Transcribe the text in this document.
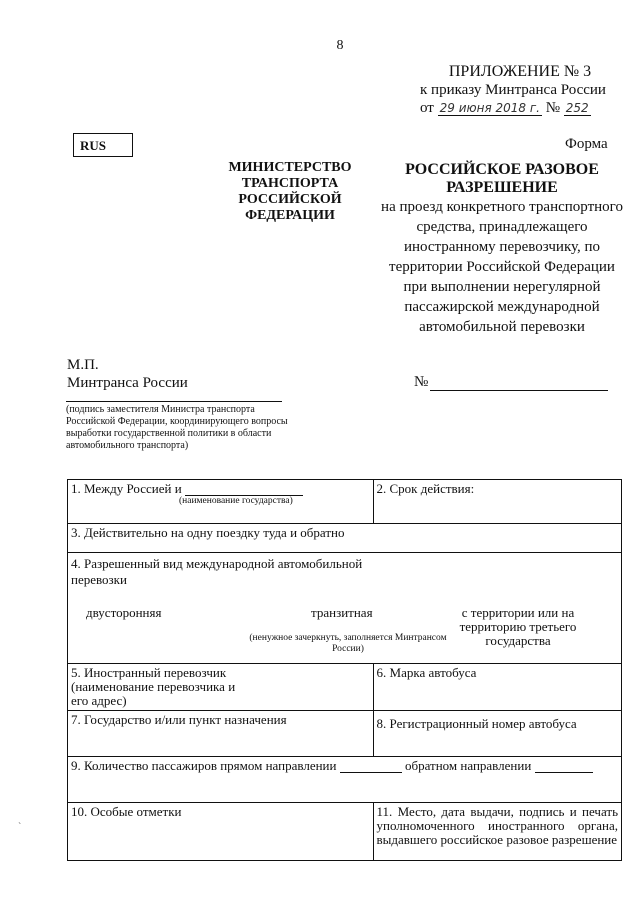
8
ПРИЛОЖЕНИЕ № 3
к приказу Минтранса России
от 29 июня 2018 г. № 252
RUS	Форма
МИНИСТЕРСТВО ТРАНСПОРТА РОССИЙСКОЙ ФЕДЕРАЦИИ
РОССИЙСКОЕ РАЗОВОЕ РАЗРЕШЕНИЕ
на проезд конкретного транспортного средства, принадлежащего иностранному перевозчику, по территории Российской Федерации при выполнении нерегулярной пассажирской международной автомобильной перевозки
М.П.
Минтранса России	№
(подпись заместителя Министра транспорта Российской Федерации, координирующего вопросы выработки государственной политики в области автомобильного транспорта)
1. Между Россией и
(наименование государства)	2. Срок действия:
3. Действительно на одну поездку туда и обратно	

4. Разрешенный вид международной автомобильной перевозки
двусторонняя транзитная с территории или на территорию третьего государства
(ненужное зачеркнуть, заполняется Минтрансом России)	

5. Иностранный перевозчик (наименование перевозчика и его адрес)	6. Марка автобуса
7. Государство и/или пункт назначения	8. Регистрационный номер автобуса

9. Количество пассажиров прямом направлении обратном направлении	
10. Особые отметки	11. Место, дата выдачи, подпись и печать уполномоченного иностранного органа, выдавшего российское разовое разрешение
`
